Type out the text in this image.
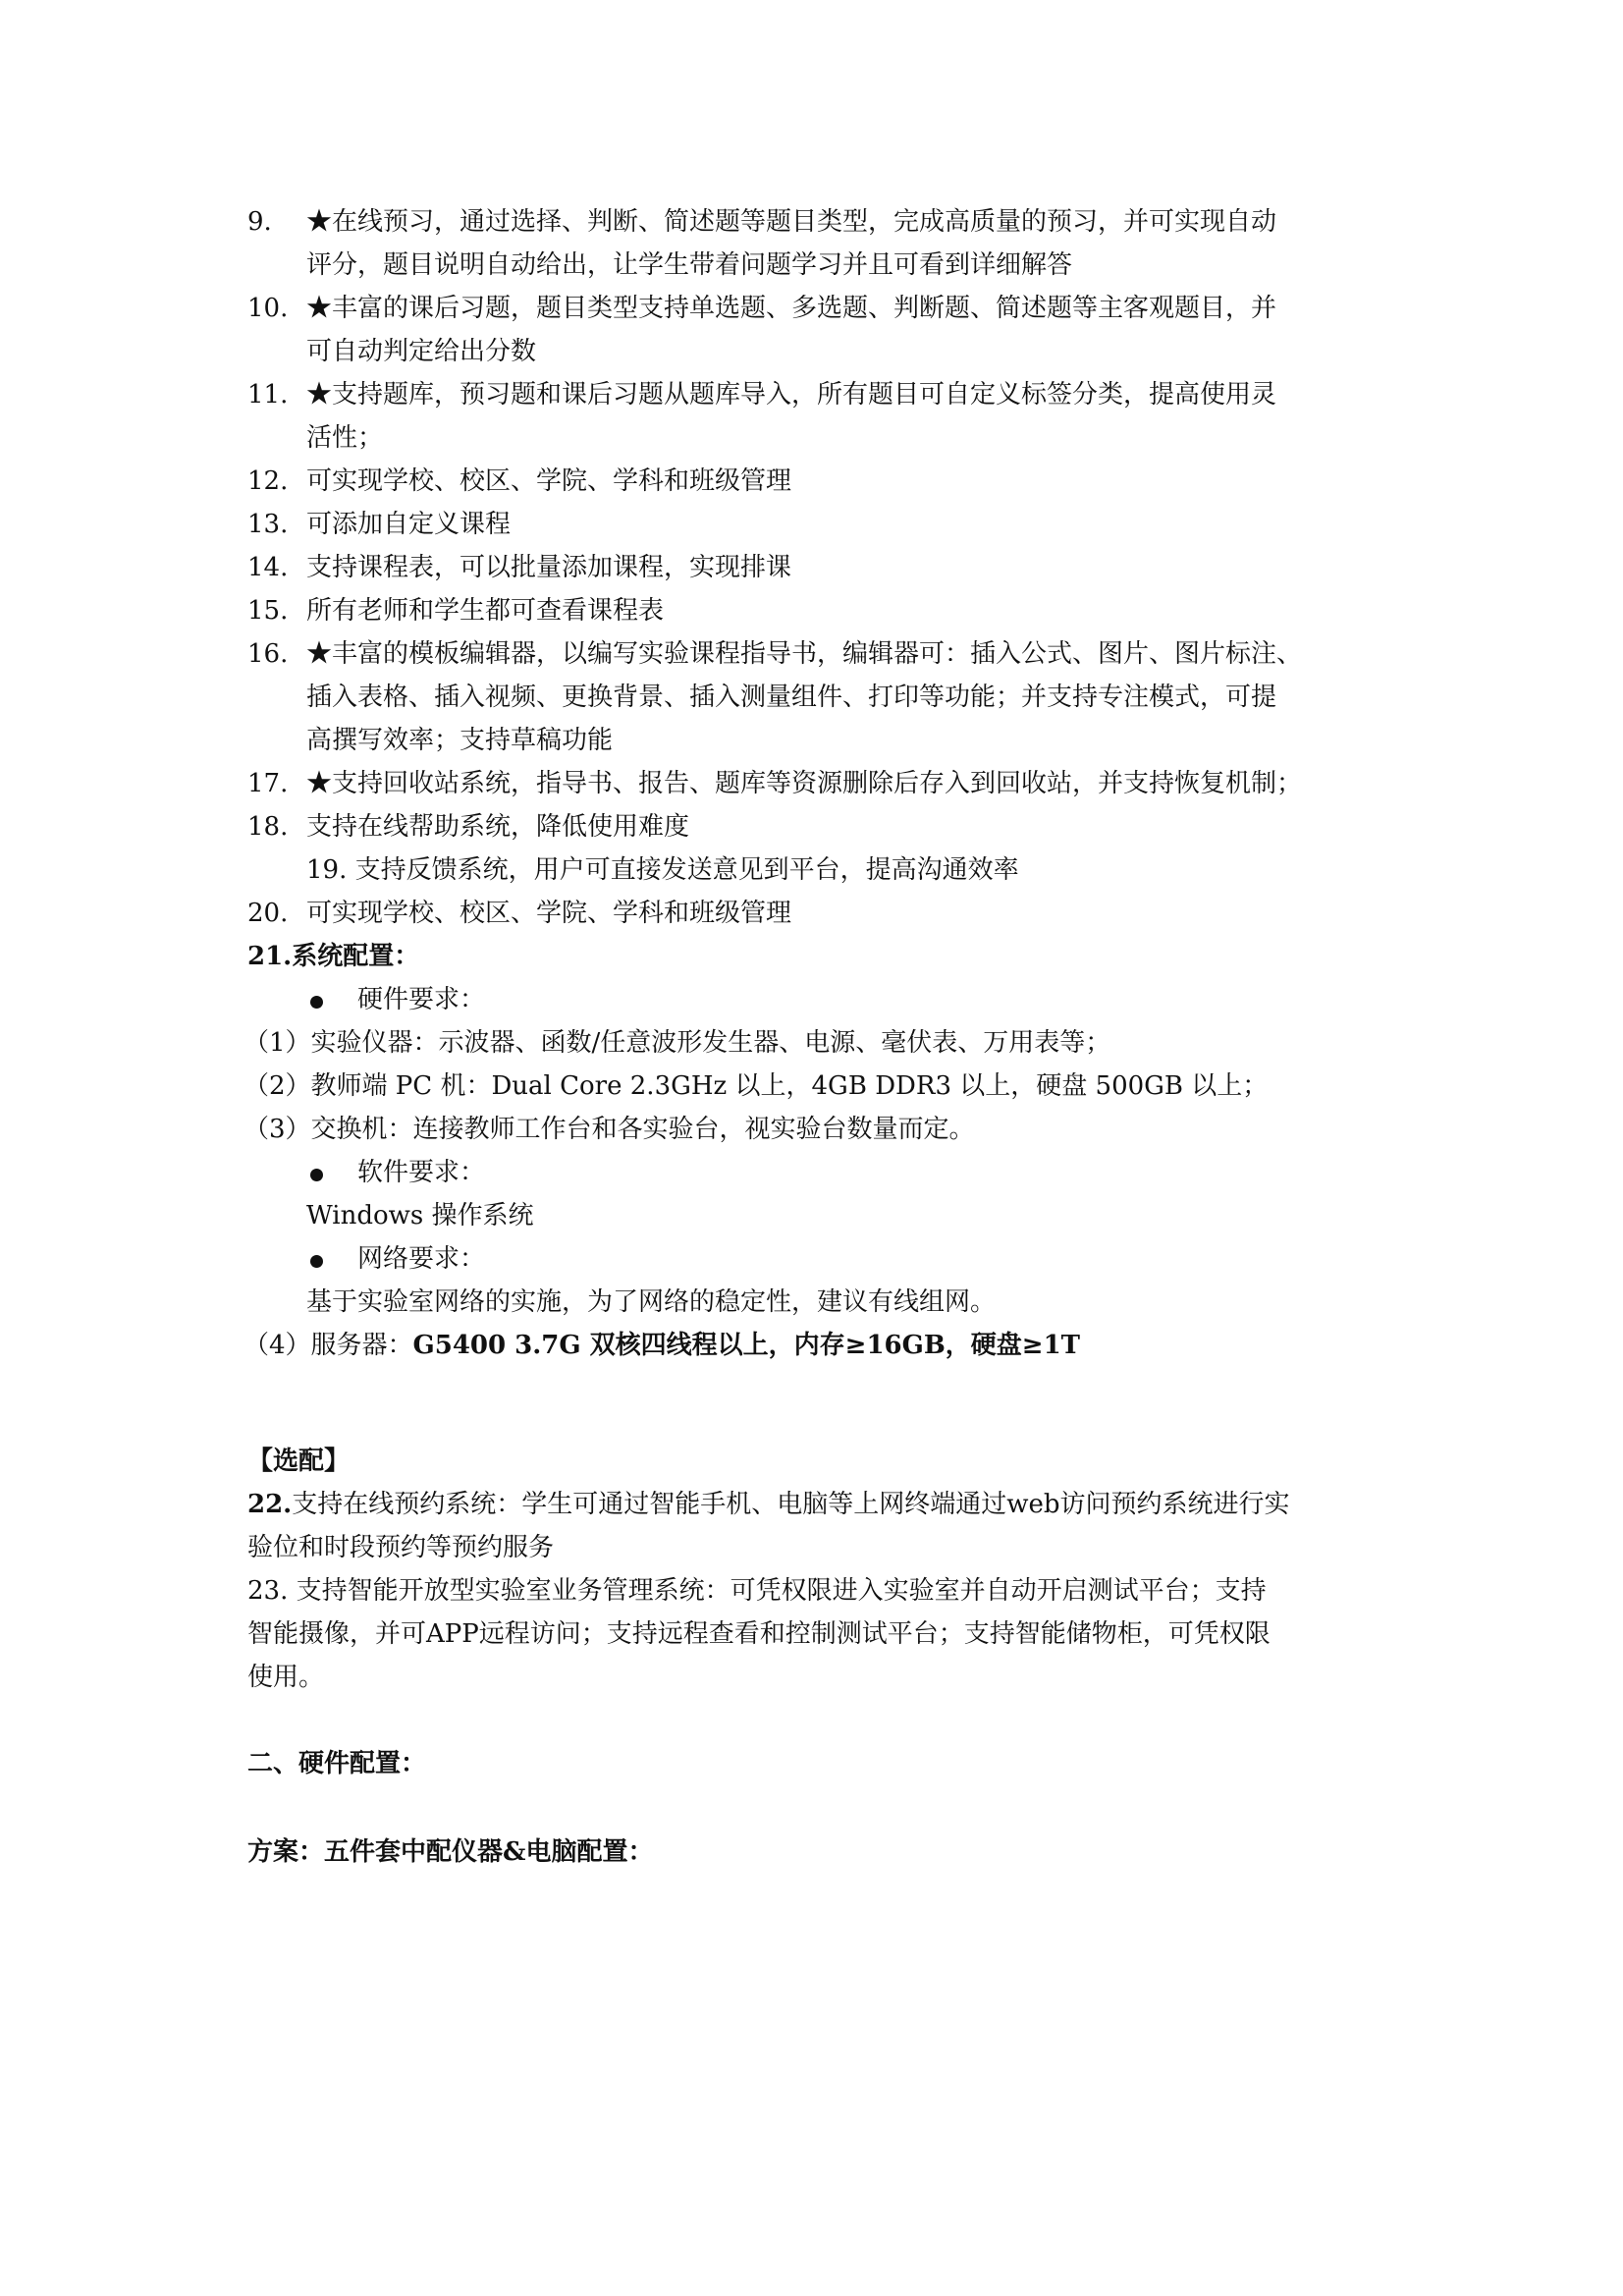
9. ★在线预习，通过选择、判断、简述题等题目类型，完成高质量的预习，并可实现自动
评分，题目说明自动给出，让学生带着问题学习并且可看到详细解答
10. ★丰富的课后习题，题目类型支持单选题、多选题、判断题、简述题等主客观题目，并
可自动判定给出分数
11. ★支持题库，预习题和课后习题从题库导入，所有题目可自定义标签分类，提高使用灵
活性；
12. 可实现学校、校区、学院、学科和班级管理
13. 可添加自定义课程
14. 支持课程表，可以批量添加课程，实现排课
15. 所有老师和学生都可查看课程表
16. ★丰富的模板编辑器，以编写实验课程指导书，编辑器可：插入公式、图片、图片标注、
插入表格、插入视频、更换背景、插入测量组件、打印等功能；并支持专注模式，可提
高撰写效率；支持草稿功能
17. ★支持回收站系统，指导书、报告、题库等资源删除后存入到回收站，并支持恢复机制；
18. 支持在线帮助系统，降低使用难度
19. 支持反馈系统，用户可直接发送意见到平台，提高沟通效率
20. 可实现学校、校区、学院、学科和班级管理
21.系统配置：
硬件要求：
（1）实验仪器：示波器、函数/任意波形发生器、电源、毫伏表、万用表等；
（2）教师端 PC 机：Dual Core 2.3GHz 以上，4GB DDR3 以上，硬盘 500GB 以上；
（3）交换机：连接教师工作台和各实验台，视实验台数量而定。
软件要求：
Windows 操作系统
网络要求：
基于实验室网络的实施，为了网络的稳定性，建议有线组网。
（4）服务器：G5400 3.7G 双核四线程以上，内存≥16GB，硬盘≥1T
【选配】
22.支持在线预约系统：学生可通过智能手机、电脑等上网终端通过web访问预约系统进行实
验位和时段预约等预约服务
23. 支持智能开放型实验室业务管理系统：可凭权限进入实验室并自动开启测试平台；支持
智能摄像，并可APP远程访问；支持远程查看和控制测试平台；支持智能储物柜，可凭权限
使用。
二、硬件配置：
方案：五件套中配仪器&电脑配置：
